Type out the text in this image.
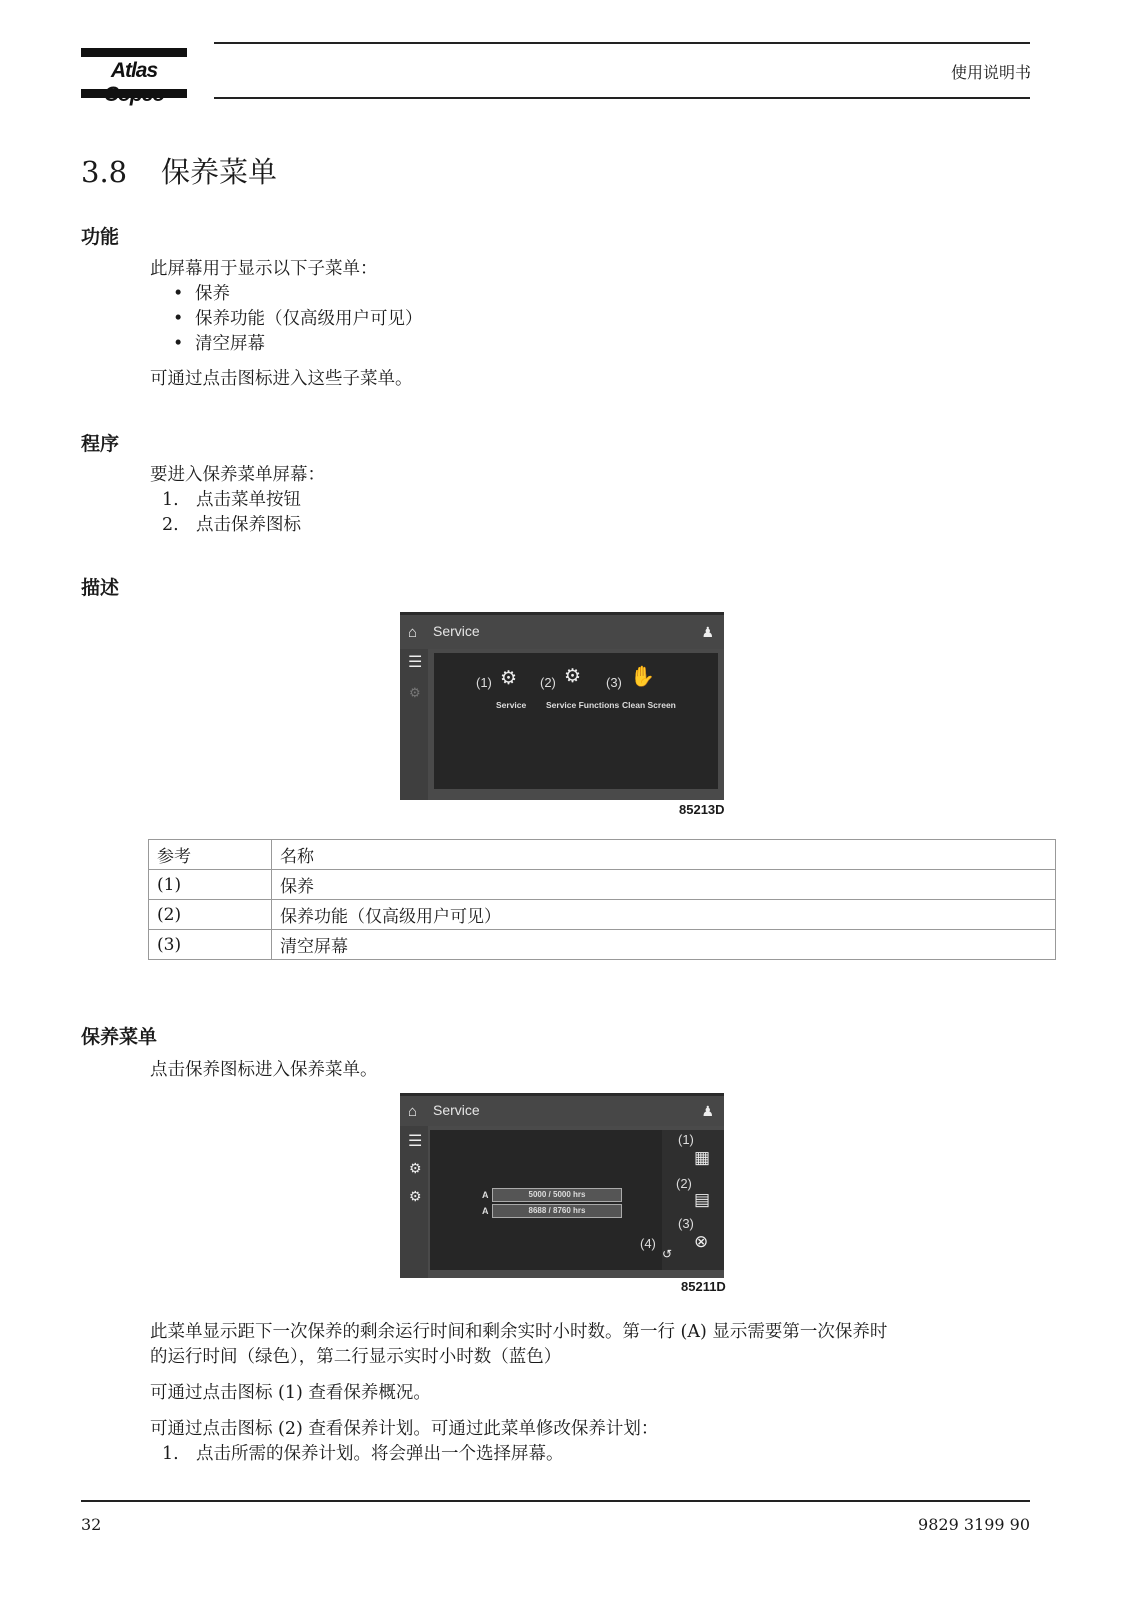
Atlas	使用说明书
3.8 保养菜单
功能
此屏幕用于显示以下子菜单：
• 保养
• 保养功能（仅高级用户可见）
• 清空屏幕
可通过点击图标进入这些子菜单。
程序
要进入保养菜单屏幕：
1. 点击菜单按钮
2. 点击保养图标
描述
⌂ Service	♟
☰
⚙
(1) ⚙
Service
(2) ⚙
Service Functions
(3) ✋
Clean Screen
85213D
参考	名称
(1)	保养
(2)	保养功能（仅高级用户可见）
(3)	清空屏幕
保养菜单
点击保养图标进入保养菜单。
⌂ Service	♟
☰
⚙
⚙	A	5000 / 5000 hrs
A	8688 / 8760 hrs
(1)
▦
(2)
▤
(3)
⊗
(4)
↺
85211D
此菜单显示距下一次保养的剩余运行时间和剩余实时小时数。第一行 (A) 显示需要第一次保养时
的运行时间（绿色），第二行显示实时小时数（蓝色）
可通过点击图标 (1) 查看保养概况。
可通过点击图标 (2) 查看保养计划。可通过此菜单修改保养计划：
1. 点击所需的保养计划。将会弹出一个选择屏幕。
32	9829 3199 90
